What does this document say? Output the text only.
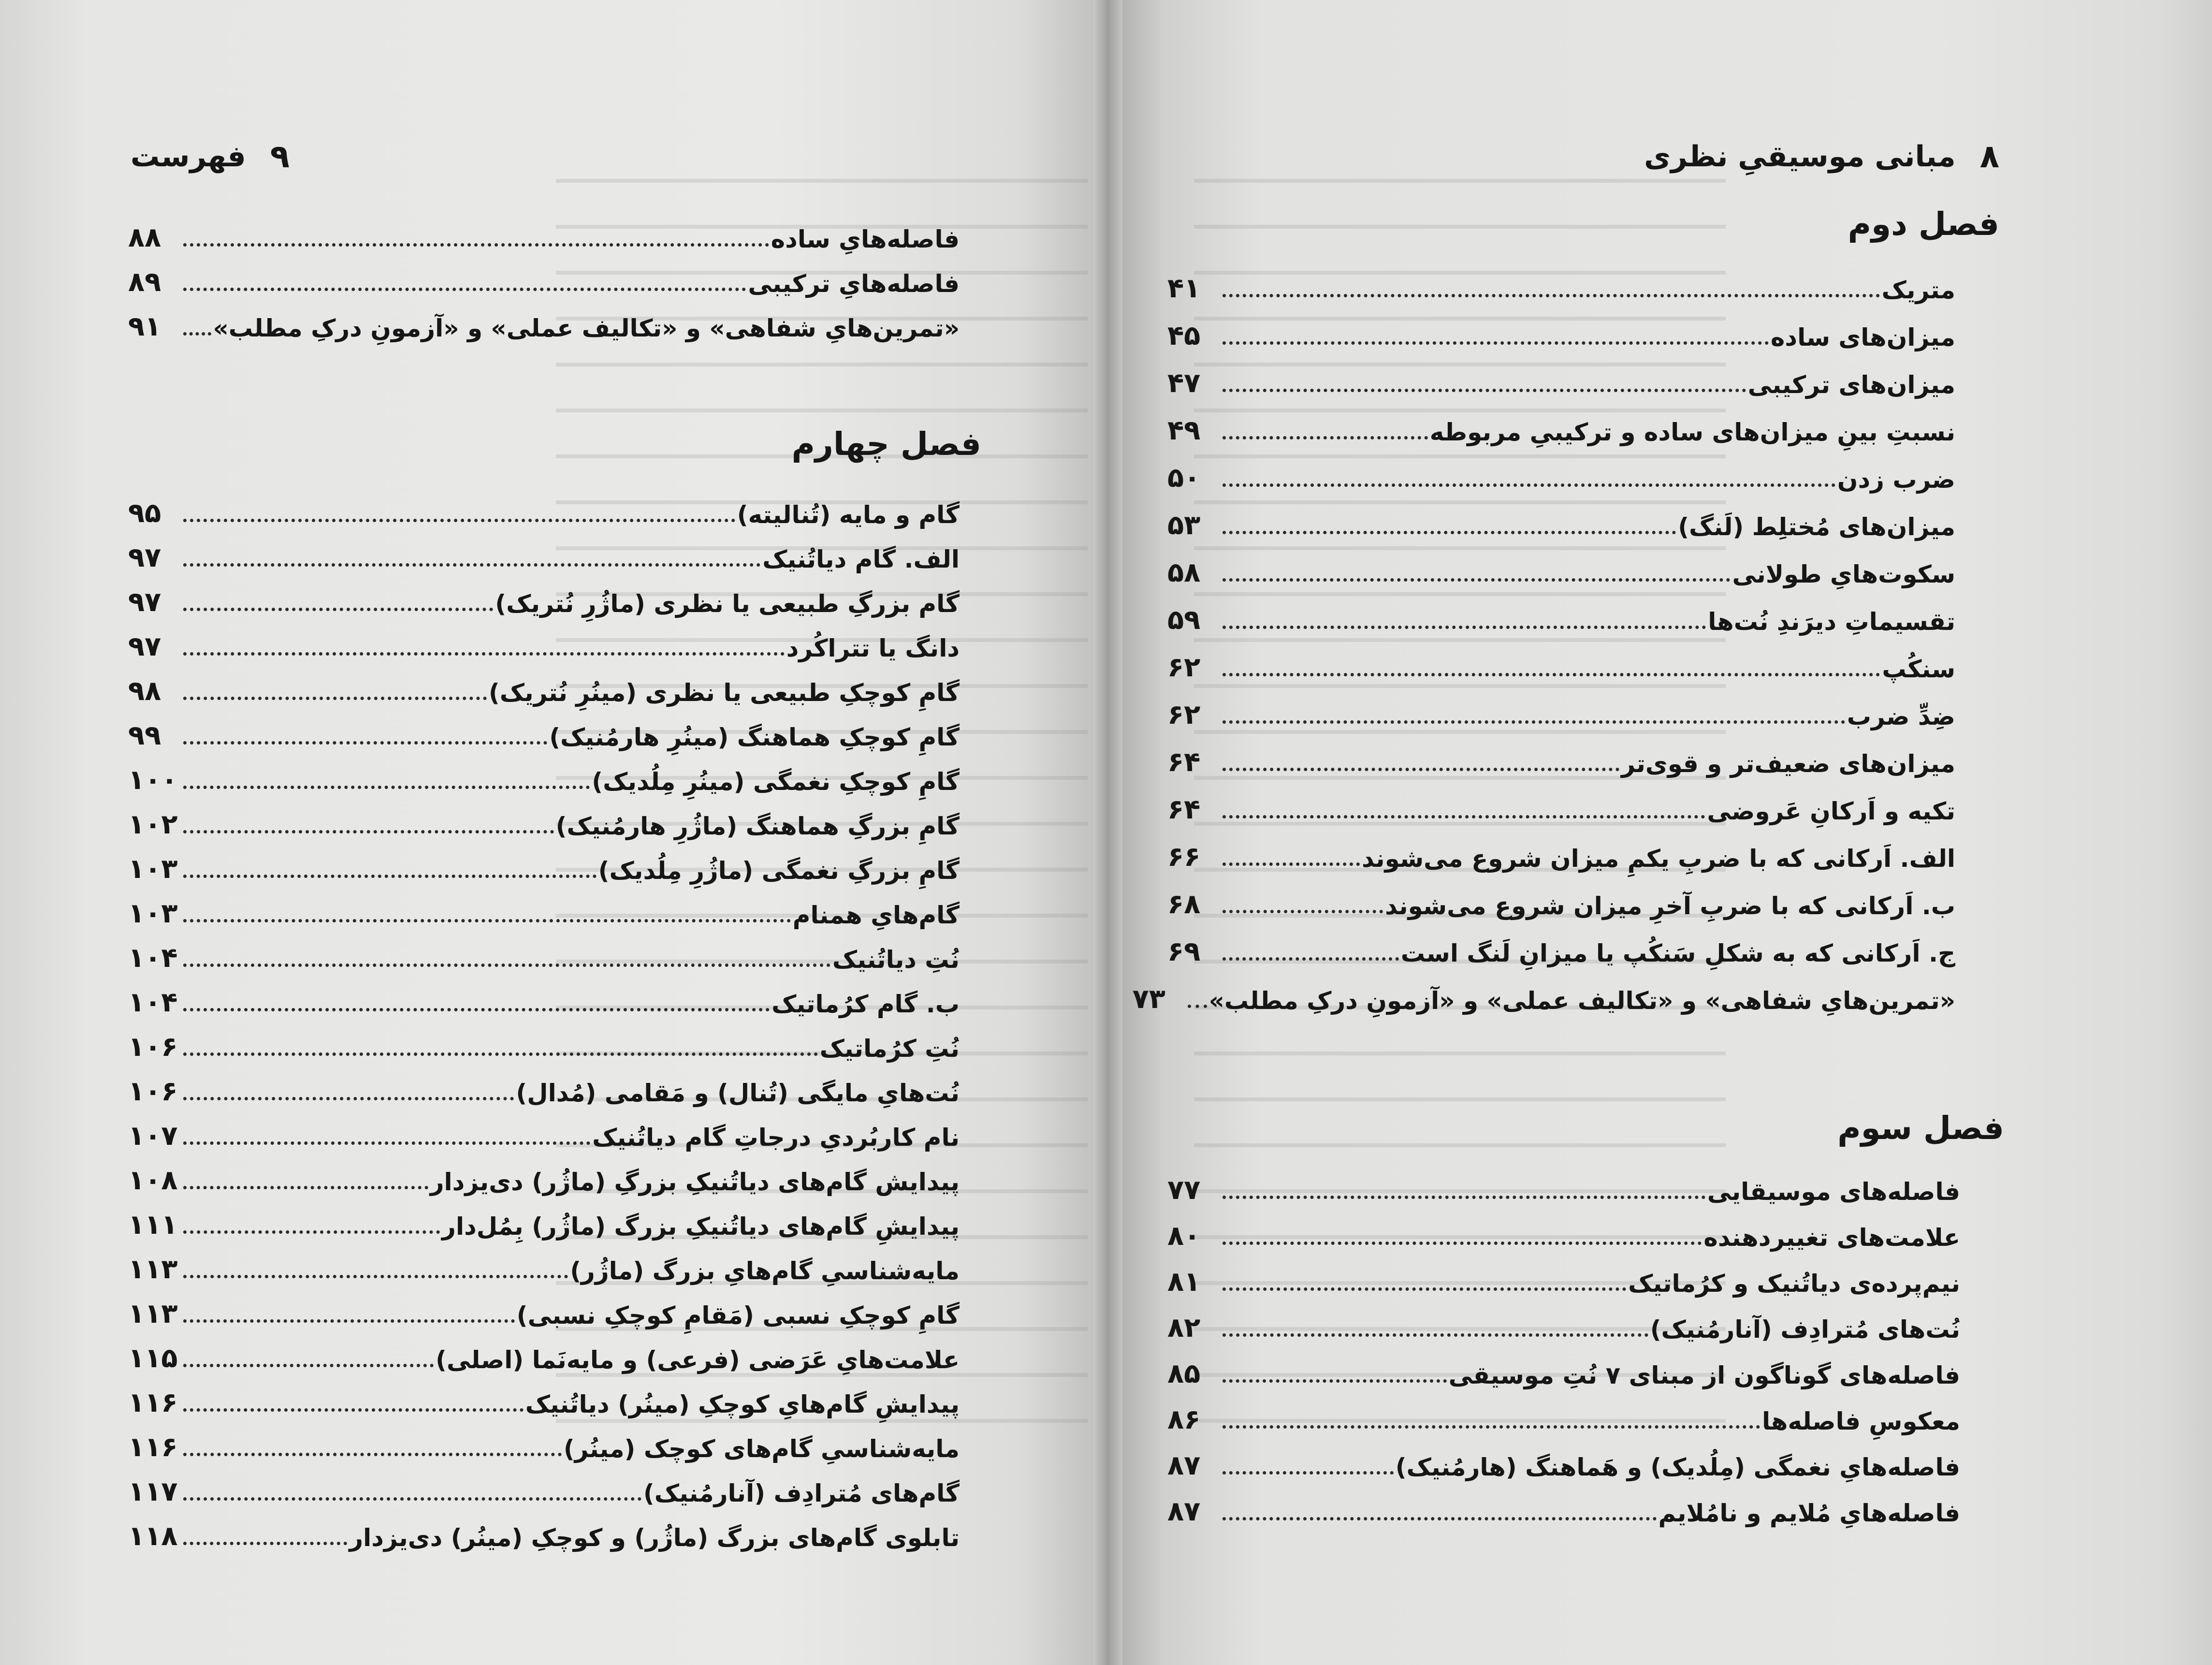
۹
فهرست
فاصله‌هایِ ساده
۸۸
فاصله‌هایِ ترکیبی
۸۹
«تمرین‌هایِ شفاهی» و «تکالیف عملی» و «آزمونِ درکِ مطلب»
۹۱
فصل چهارم
گام و مایه (تُنالیته)
۹۵
الف. گام دیاتُنیک
۹۷
گام بزرگِ طبیعی یا نظری (ماژُرِ نُتریک)
۹۷
دانگ یا تتراکُرد
۹۷
گامِ کوچکِ طبیعی یا نظری (مینُرِ نُتریک)
۹۸
گامِ کوچکِ هماهنگ (مینُرِ هارمُنیک)
۹۹
گامِ کوچکِ نغمگی (مینُرِ مِلُدیک)
۱۰۰
گامِ بزرگِ هماهنگ (ماژُرِ هارمُنیک)
۱۰۲
گامِ بزرگِ نغمگی (ماژُرِ مِلُدیک)
۱۰۳
گام‌هایِ همنام
۱۰۳
نُتِ دیاتُنیک
۱۰۴
ب. گام کرُماتیک
۱۰۴
نُتِ کرُماتیک
۱۰۶
نُت‌هایِ مایگی (تُنال) و مَقامی (مُدال)
۱۰۶
نام کاربُردیِ درجاتِ گام دیاتُنیک
۱۰۷
پیدایش گام‌های دیاتُنیکِ بزرگِ (ماژُر) دی‌یزدار
۱۰۸
پیدایشِ گام‌های دیاتُنیکِ بزرگ (ماژُر) بِمُل‌دار
۱۱۱
مایه‌شناسیِ گام‌هایِ بزرگ (ماژُر)
۱۱۳
گامِ کوچکِ نسبی (مَقامِ کوچکِ نسبی)
۱۱۳
علامت‌هایِ عَرَضی (فرعی) و مایه‌نَما (اصلی)
۱۱۵
پیدایشِ گام‌هایِ کوچکِ (مینُر) دیاتُنیک
۱۱۶
مایه‌شناسیِ گام‌های کوچک (مینُر)
۱۱۶
گام‌های مُترادِف (آنارمُنیک)
۱۱۷
تابلوی گام‌های بزرگ (ماژُر) و کوچکِ (مینُر) دی‌یزدار
۱۱۸
۸
مبانی موسیقیِ نظری
فصل دوم
متریک
۴۱
میزان‌های ساده
۴۵
میزان‌های ترکیبی
۴۷
نسبتِ بینِ میزان‌های ساده و ترکیبیِ مربوطه
۴۹
ضرب زدن
۵۰
میزان‌های مُختلِط (لَنگ)
۵۳
سکوت‌هایِ طولانی
۵۸
تقسیماتِ دیرَندِ نُت‌ها
۵۹
سنکُپ
۶۲
ضِدِّ ضرب
۶۲
میزان‌های ضعیف‌تر و قوی‌تر
۶۴
تکیه و اَرکانِ عَروضی
۶۴
الف. اَرکانی که با ضربِ یکمِ میزان شروع می‌شوند
۶۶
ب. اَرکانی که با ضربِ آخرِ میزان شروع می‌شوند
۶۸
ج. اَرکانی که به شکلِ سَنکُپ یا میزانِ لَنگ است
۶۹
«تمرین‌هایِ شفاهی» و «تکالیف عملی» و «آزمونِ درکِ مطلب»
۷۳
فصل سوم
فاصله‌های موسیقایی
۷۷
علامت‌های تغییردهنده
۸۰
نیم‌پرده‌ی دیاتُنیک و کرُماتیک
۸۱
نُت‌های مُترادِف (آنارمُنیک)
۸۲
فاصله‌های گوناگون از مبنای ۷ نُتِ موسیقی
۸۵
معکوسِ فاصله‌ها
۸۶
فاصله‌هایِ نغمگی (مِلُدیک) و هَماهنگ (هارمُنیک)
۸۷
فاصله‌هایِ مُلایم و نامُلایم
۸۷
